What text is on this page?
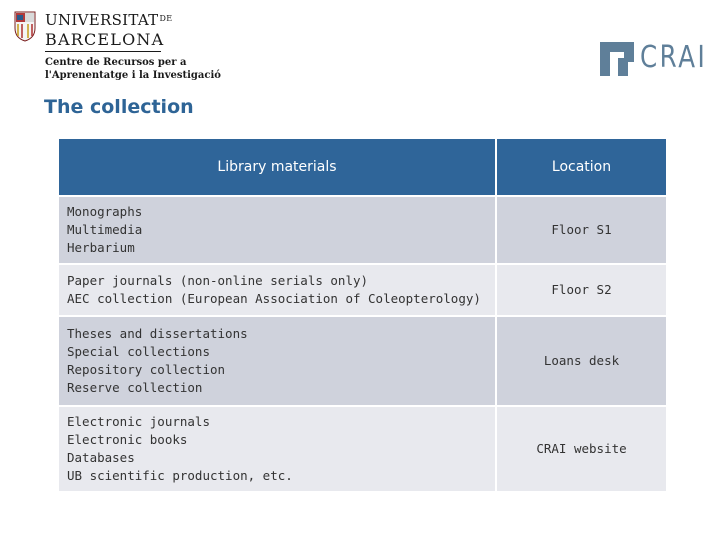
$UNIVERSITAT^{DE}$
BARCELONA
Centre de Recursos per a
l'Aprenentatge i la Investigació
CRAI
The collection
Library materials	Location

Monographs
Multimedia
Herbarium	Floor S1

Paper journals (non-online serials only)
AEC collection (European Association of Coleopterology)	Floor S2

Theses and dissertations
Special collections
Repository collection
Reserve collection	Loans desk

Electronic journals
Electronic books
Databases
UB scientific production, etc.	CRAI website
